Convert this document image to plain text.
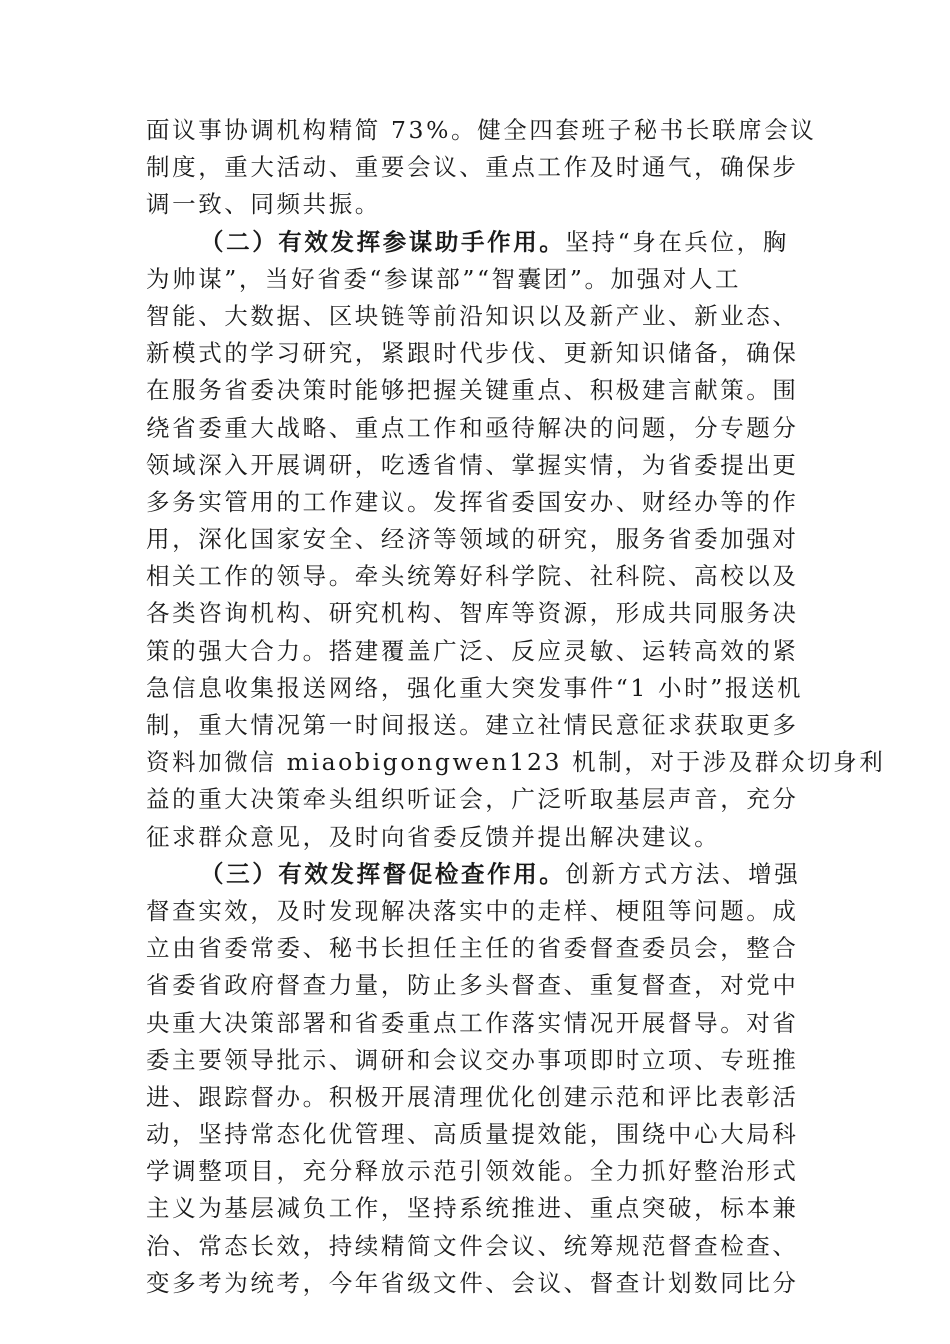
面议事协调机构精简 73%。健全四套班子秘书长联席会议
制度，重大活动、重要会议、重点工作及时通气，确保步
调一致、同频共振。
（二）有效发挥参谋助手作用。坚持“身在兵位，胸
为帅谋”，当好省委“参谋部”“智囊团”。加强对人工
智能、大数据、区块链等前沿知识以及新产业、新业态、
新模式的学习研究，紧跟时代步伐、更新知识储备，确保
在服务省委决策时能够把握关键重点、积极建言献策。围
绕省委重大战略、重点工作和亟待解决的问题，分专题分
领域深入开展调研，吃透省情、掌握实情，为省委提出更
多务实管用的工作建议。发挥省委国安办、财经办等的作
用，深化国家安全、经济等领域的研究，服务省委加强对
相关工作的领导。牵头统筹好科学院、社科院、高校以及
各类咨询机构、研究机构、智库等资源，形成共同服务决
策的强大合力。搭建覆盖广泛、反应灵敏、运转高效的紧
急信息收集报送网络，强化重大突发事件“1 小时”报送机
制，重大情况第一时间报送。建立社情民意征求获取更多
资料加微信 miaobigongwen123 机制，对于涉及群众切身利
益的重大决策牵头组织听证会，广泛听取基层声音，充分
征求群众意见，及时向省委反馈并提出解决建议。
（三）有效发挥督促检查作用。创新方式方法、增强
督查实效，及时发现解决落实中的走样、梗阻等问题。成
立由省委常委、秘书长担任主任的省委督查委员会，整合
省委省政府督查力量，防止多头督查、重复督查，对党中
央重大决策部署和省委重点工作落实情况开展督导。对省
委主要领导批示、调研和会议交办事项即时立项、专班推
进、跟踪督办。积极开展清理优化创建示范和评比表彰活
动，坚持常态化优管理、高质量提效能，围绕中心大局科
学调整项目，充分释放示范引领效能。全力抓好整治形式
主义为基层减负工作，坚持系统推进、重点突破，标本兼
治、常态长效，持续精简文件会议、统筹规范督查检查、
变多考为统考，今年省级文件、会议、督查计划数同比分
